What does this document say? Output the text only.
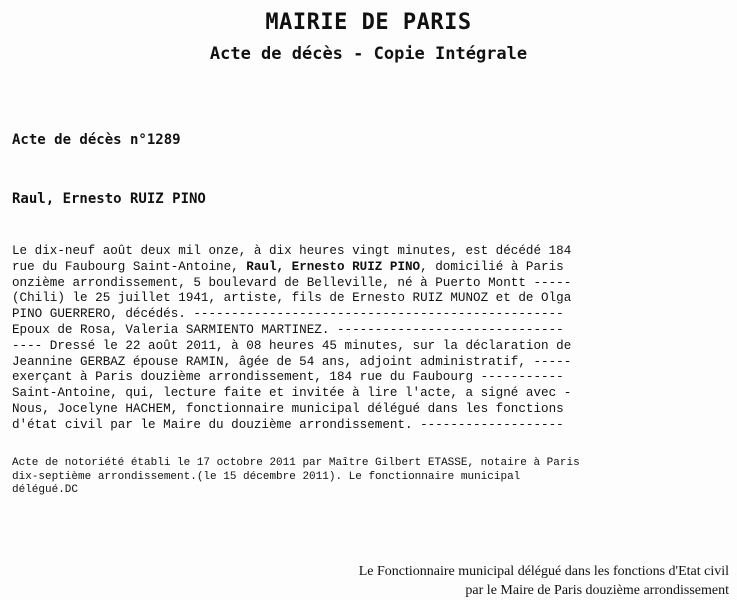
MAIRIE DE PARIS
Acte de décès - Copie Intégrale
Acte de décès n°1289
Raul, Ernesto RUIZ PINO
Le dix-neuf août deux mil onze, à dix heures vingt minutes, est décédé 184
rue du Faubourg Saint-Antoine, Raul, Ernesto RUIZ PINO, domicilié à Paris
onzième arrondissement, 5 boulevard de Belleville, né à Puerto Montt -----
(Chili) le 25 juillet 1941, artiste, fils de Ernesto RUIZ MUNOZ et de Olga
PINO GUERRERO, décédés. -------------------------------------------------
Epoux de Rosa, Valeria SARMIENTO MARTINEZ. ------------------------------
---- Dressé le 22 août 2011, à 08 heures 45 minutes, sur la déclaration de
Jeannine GERBAZ épouse RAMIN, âgée de 54 ans, adjoint administratif, -----
exerçant à Paris douzième arrondissement, 184 rue du Faubourg -----------
Saint-Antoine, qui, lecture faite et invitée à lire l'acte, a signé avec -
Nous, Jocelyne HACHEM, fonctionnaire municipal délégué dans les fonctions
d'état civil par le Maire du douzième arrondissement. -------------------
Acte de notoriété établi le 17 octobre 2011 par Maître Gilbert ETASSE, notaire à Paris
dix-septième arrondissement.(le 15 décembre 2011). Le fonctionnaire municipal
délégué.DC
Le Fonctionnaire municipal délégué dans les fonctions d'Etat civil
par le Maire de Paris douzième arrondissement
